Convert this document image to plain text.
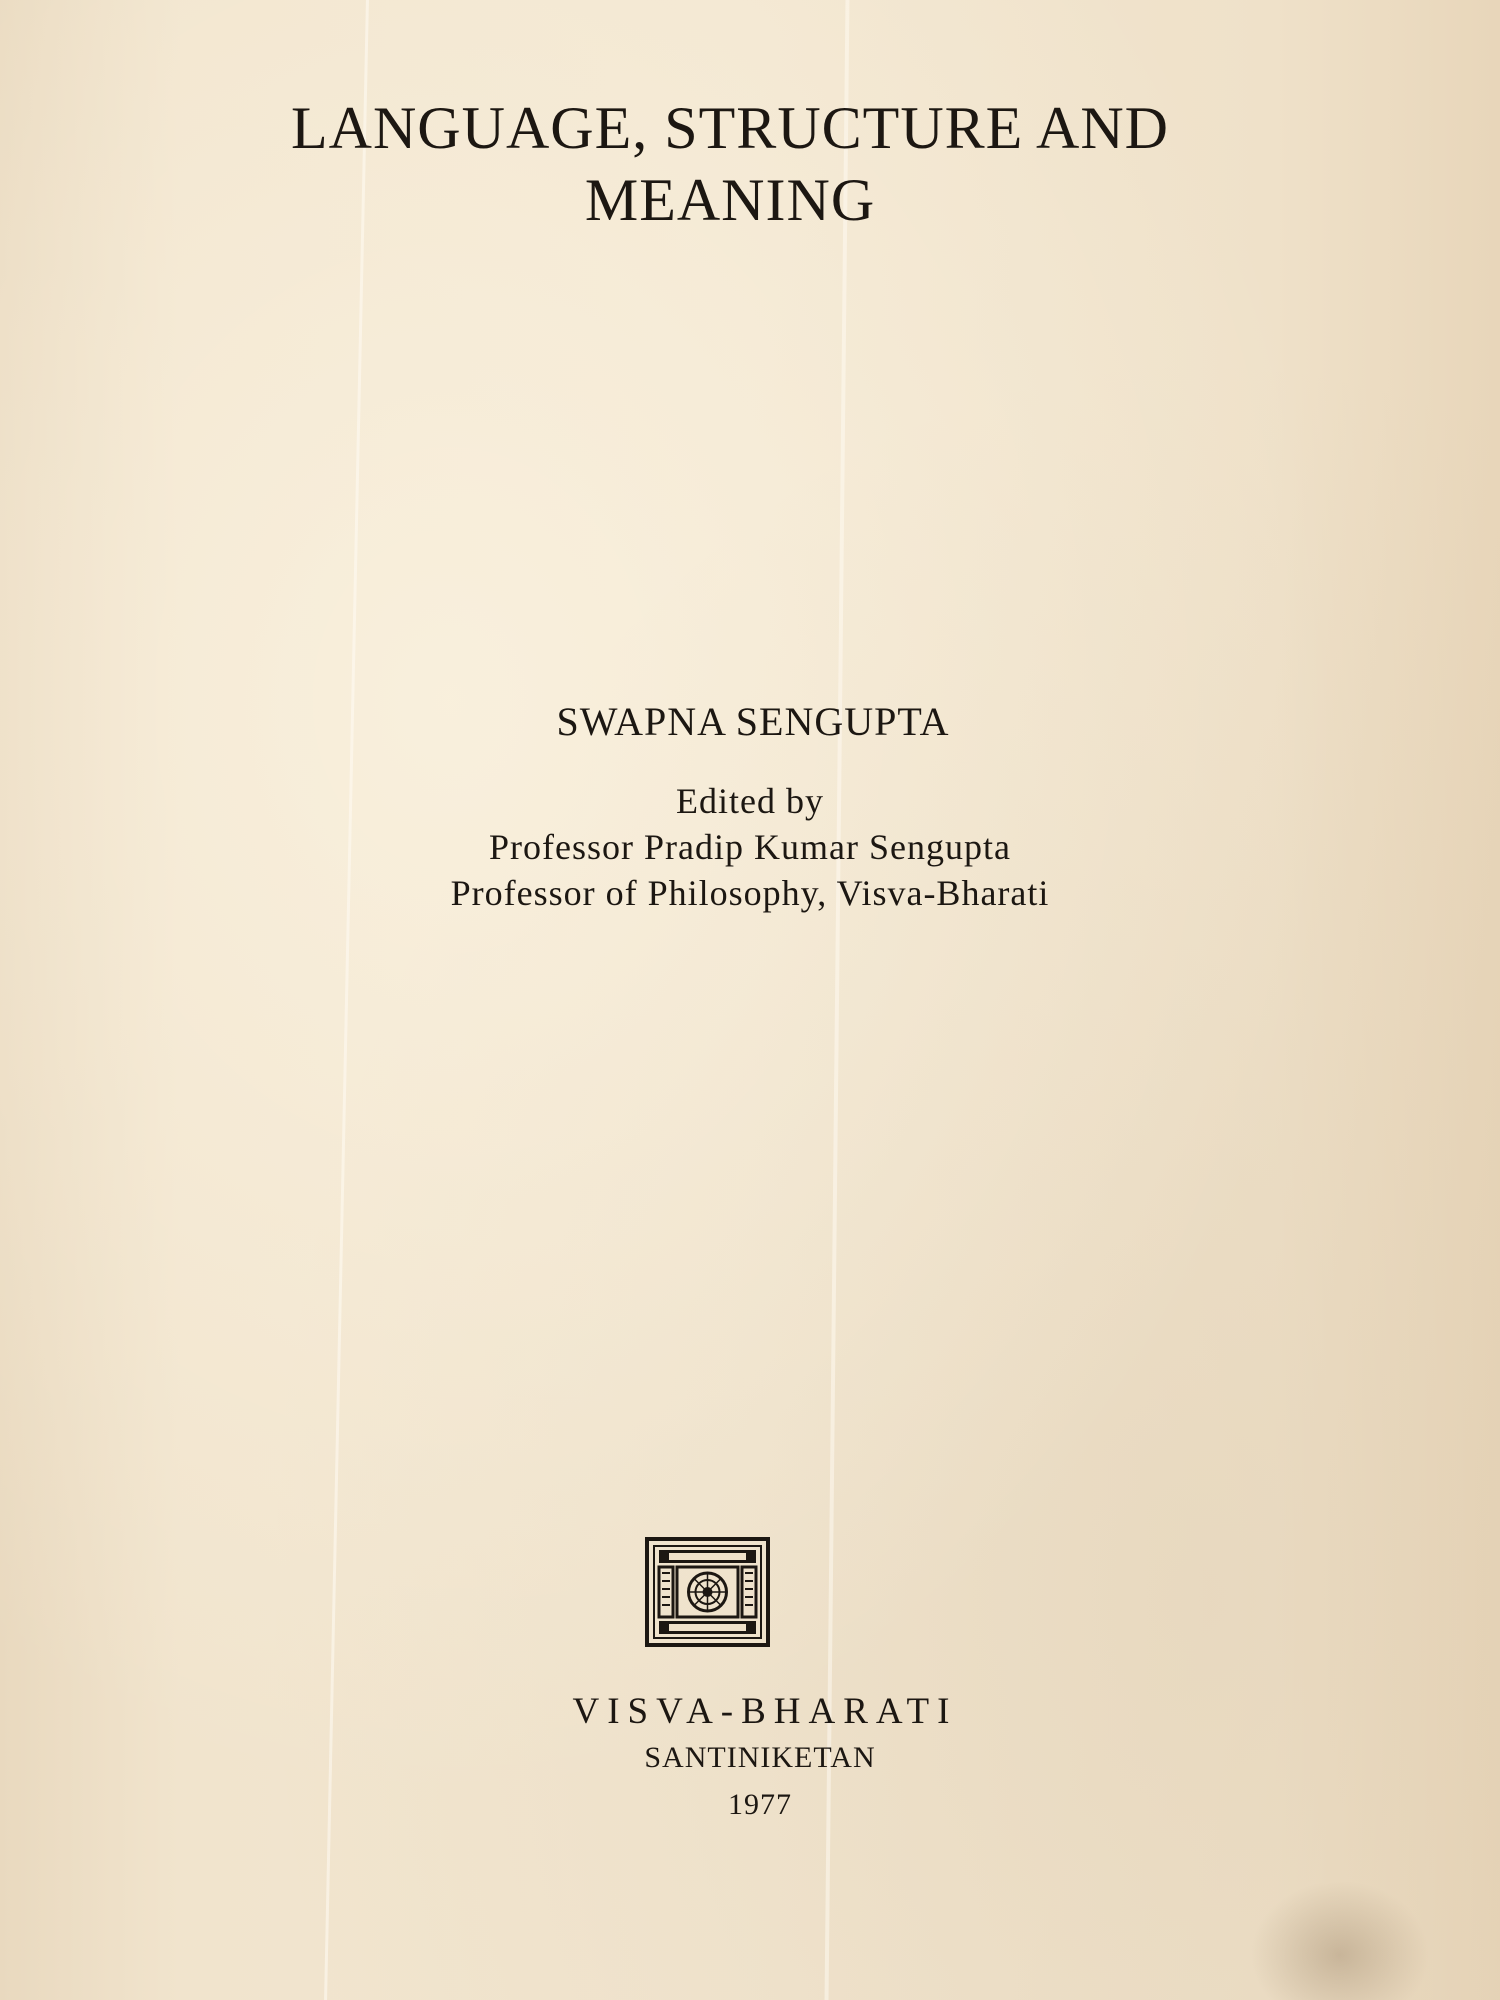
LANGUAGE, STRUCTURE AND
MEANING
SWAPNA SENGUPTA
Edited by
Professor Pradip Kumar Sengupta
Professor of Philosophy, Visva-Bharati
VISVA-BHARATI
SANTINIKETAN
1977
